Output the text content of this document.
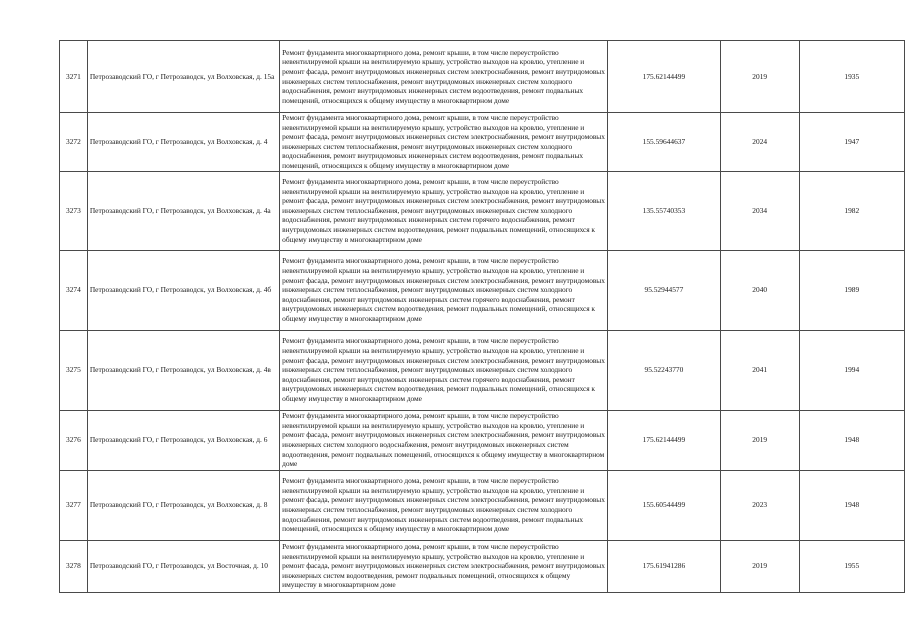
3271	Петрозаводский ГО, г Петрозаводск, ул Волховская, д. 15а	Ремонт фундамента многоквартирного дома, ремонт крыши, в том числе переустройство невентилируемой крыши на вентилируемую крышу, устройство выходов на кровлю, утепление и ремонт фасада, ремонт внутридомовых инженерных систем электроснабжения, ремонт внутридомовых инженерных систем теплоснабжения, ремонт внутридомовых инженерных систем холодного водоснабжения, ремонт внутридомовых инженерных систем водоотведения, ремонт подвальных помещений, относящихся к общему имуществу в многоквартирном доме	175.62144499	2019	1935
3272	Петрозаводский ГО, г Петрозаводск, ул Волховская, д. 4	Ремонт фундамента многоквартирного дома, ремонт крыши, в том числе переустройство невентилируемой крыши на вентилируемую крышу, устройство выходов на кровлю, утепление и ремонт фасада, ремонт внутридомовых инженерных систем электроснабжения, ремонт внутридомовых инженерных систем теплоснабжения, ремонт внутридомовых инженерных систем холодного водоснабжения, ремонт внутридомовых инженерных систем водоотведения, ремонт подвальных помещений, относящихся к общему имуществу в многоквартирном доме	155.59644637	2024	1947
3273	Петрозаводский ГО, г Петрозаводск, ул Волховская, д. 4а	Ремонт фундамента многоквартирного дома, ремонт крыши, в том числе переустройство невентилируемой крыши на вентилируемую крышу, устройство выходов на кровлю, утепление и ремонт фасада, ремонт внутридомовых инженерных систем электроснабжения, ремонт внутридомовых инженерных систем теплоснабжения, ремонт внутридомовых инженерных систем холодного водоснабжения, ремонт внутридомовых инженерных систем горячего водоснабжения, ремонт внутридомовых инженерных систем водоотведения, ремонт подвальных помещений, относящихся к общему имуществу в многоквартирном доме	135.55740353	2034	1982
3274	Петрозаводский ГО, г Петрозаводск, ул Волховская, д. 4б	Ремонт фундамента многоквартирного дома, ремонт крыши, в том числе переустройство невентилируемой крыши на вентилируемую крышу, устройство выходов на кровлю, утепление и ремонт фасада, ремонт внутридомовых инженерных систем электроснабжения, ремонт внутридомовых инженерных систем теплоснабжения, ремонт внутридомовых инженерных систем холодного водоснабжения, ремонт внутридомовых инженерных систем горячего водоснабжения, ремонт внутридомовых инженерных систем водоотведения, ремонт подвальных помещений, относящихся к общему имуществу в многоквартирном доме	95.52944577	2040	1989
3275	Петрозаводский ГО, г Петрозаводск, ул Волховская, д. 4в	Ремонт фундамента многоквартирного дома, ремонт крыши, в том числе переустройство невентилируемой крыши на вентилируемую крышу, устройство выходов на кровлю, утепление и ремонт фасада, ремонт внутридомовых инженерных систем электроснабжения, ремонт внутридомовых инженерных систем теплоснабжения, ремонт внутридомовых инженерных систем холодного водоснабжения, ремонт внутридомовых инженерных систем горячего водоснабжения, ремонт внутридомовых инженерных систем водоотведения, ремонт подвальных помещений, относящихся к общему имуществу в многоквартирном доме	95.52243770	2041	1994
3276	Петрозаводский ГО, г Петрозаводск, ул Волховская, д. 6	Ремонт фундамента многоквартирного дома, ремонт крыши, в том числе переустройство невентилируемой крыши на вентилируемую крышу, устройство выходов на кровлю, утепление и ремонт фасада, ремонт внутридомовых инженерных систем электроснабжения, ремонт внутридомовых инженерных систем холодного водоснабжения, ремонт внутридомовых инженерных систем водоотведения, ремонт подвальных помещений, относящихся к общему имуществу в многоквартирном доме	175.62144499	2019	1948
3277	Петрозаводский ГО, г Петрозаводск, ул Волховская, д. 8	Ремонт фундамента многоквартирного дома, ремонт крыши, в том числе переустройство невентилируемой крыши на вентилируемую крышу, устройство выходов на кровлю, утепление и ремонт фасада, ремонт внутридомовых инженерных систем электроснабжения, ремонт внутридомовых инженерных систем теплоснабжения, ремонт внутридомовых инженерных систем холодного водоснабжения, ремонт внутридомовых инженерных систем водоотведения, ремонт подвальных помещений, относящихся к общему имуществу в многоквартирном доме	155.60544499	2023	1948
3278	Петрозаводский ГО, г Петрозаводск, ул Восточная, д. 10	Ремонт фундамента многоквартирного дома, ремонт крыши, в том числе переустройство невентилируемой крыши на вентилируемую крышу, устройство выходов на кровлю, утепление и ремонт фасада, ремонт внутридомовых инженерных систем электроснабжения, ремонт внутридомовых инженерных систем водоотведения, ремонт подвальных помещений, относящихся к общему имуществу в многоквартирном доме	175.61941286	2019	1955
